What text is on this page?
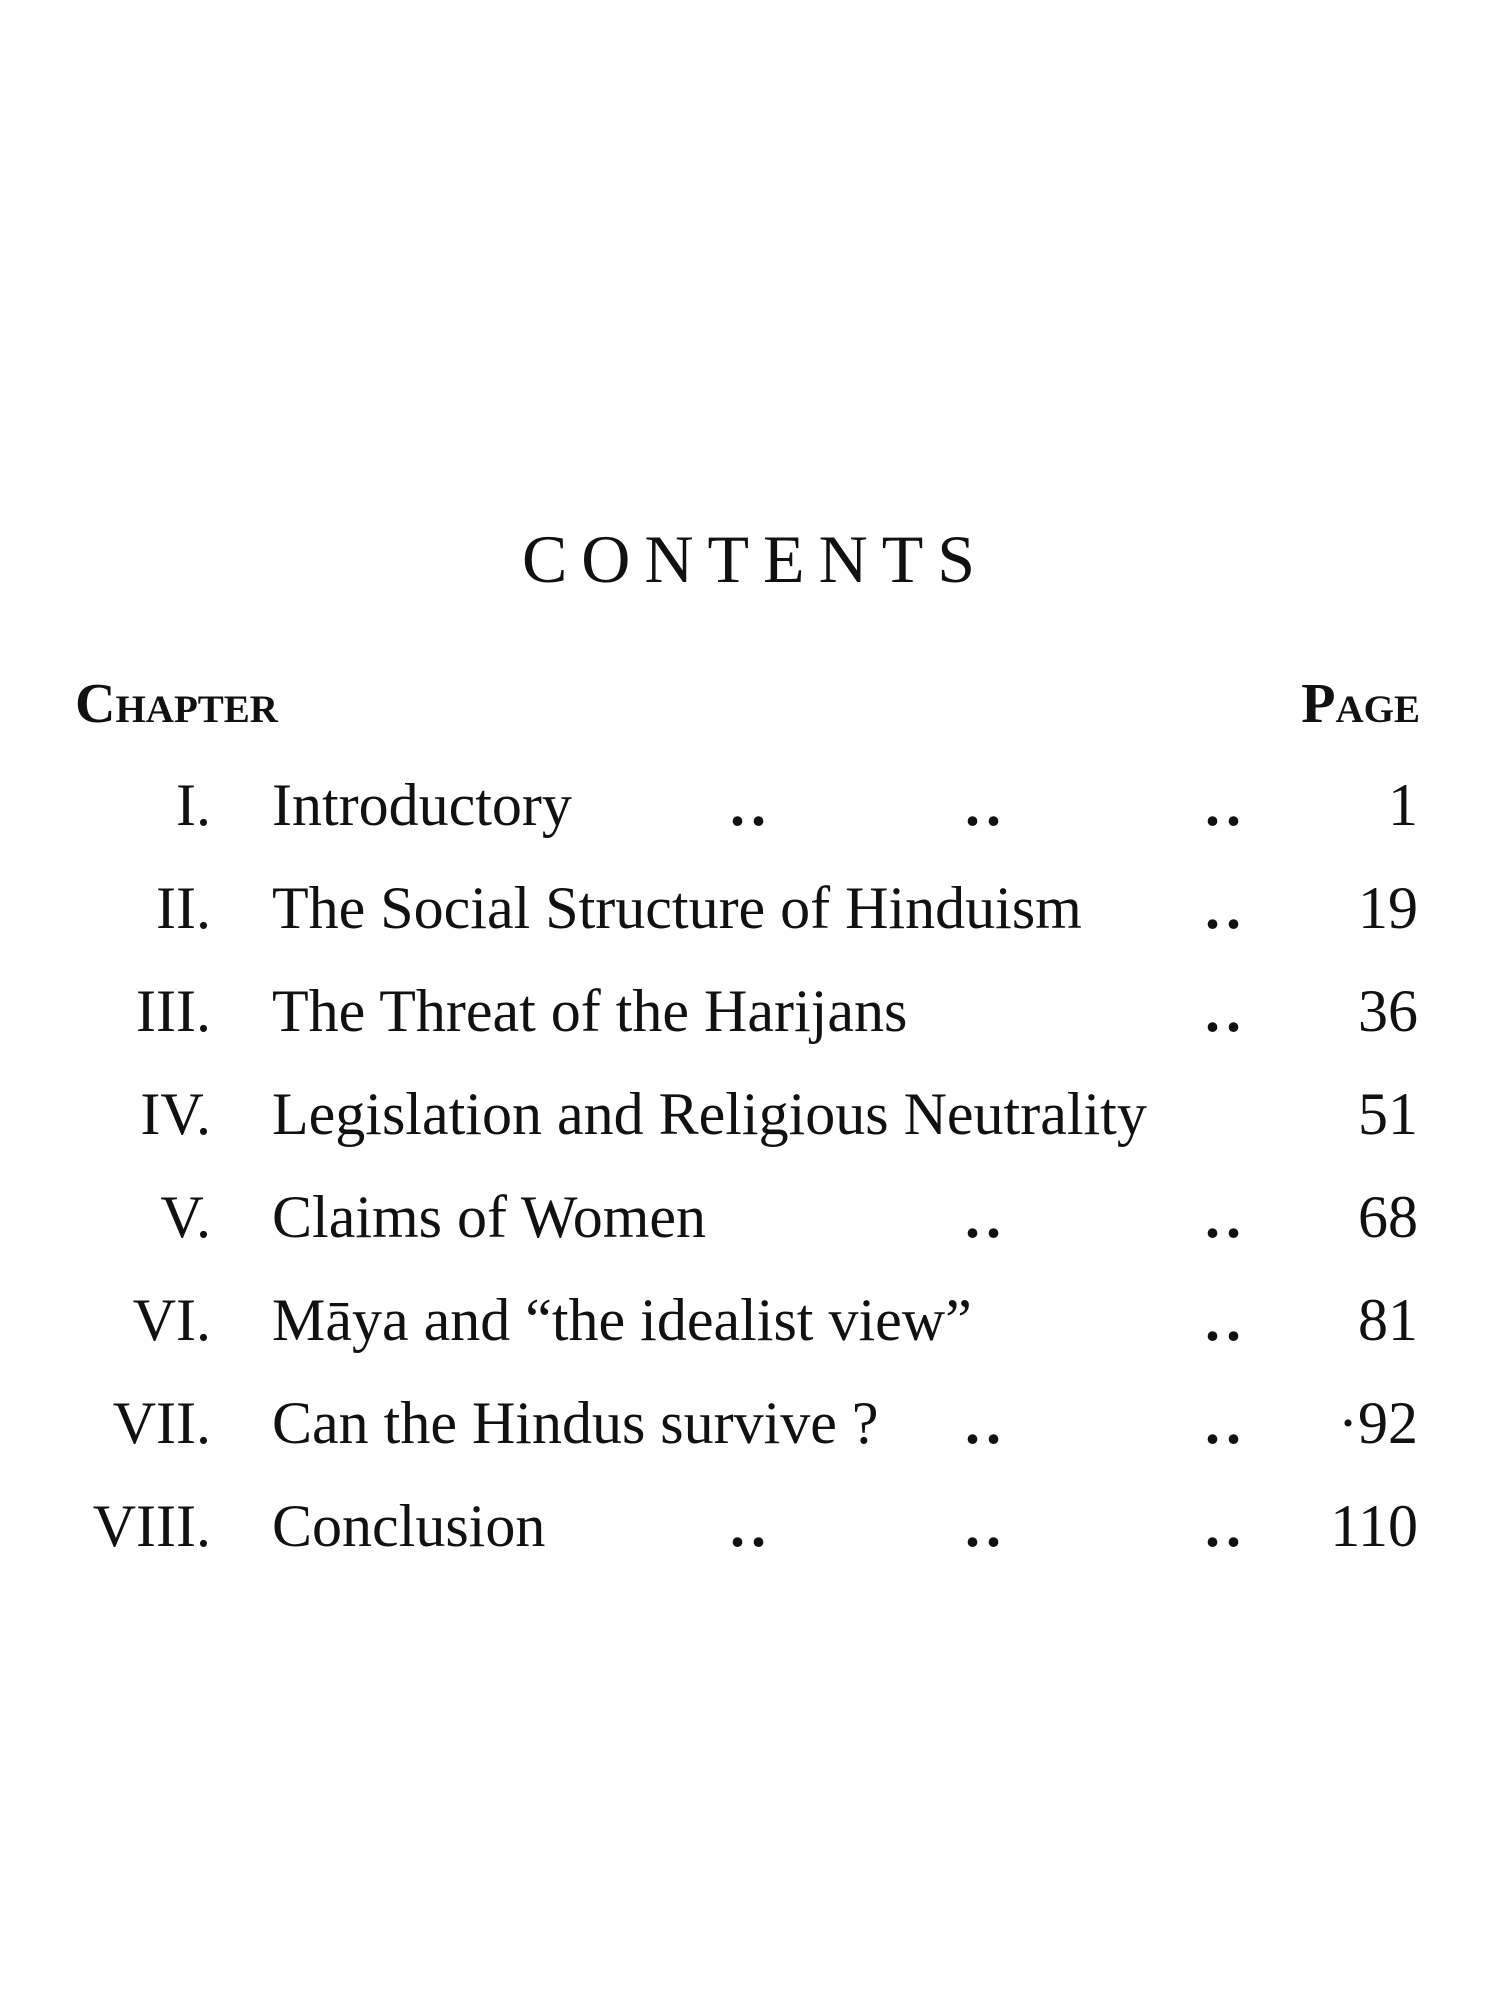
CONTENTS
Chapter	Page
I. Introductory	..	..	.. 1
II. The Social Structure of Hinduism .. 19
III. The Threat of the Harijans	.. 36
IV. Legislation and Religious Neutrality	51
V. Claims of Women	..	.. 68
VI. Māya and “the idealist view”	.. 81
VII. Can the Hindus survive ? ..	.. ·92
VIII. Conclusion	..	..	.. 110
